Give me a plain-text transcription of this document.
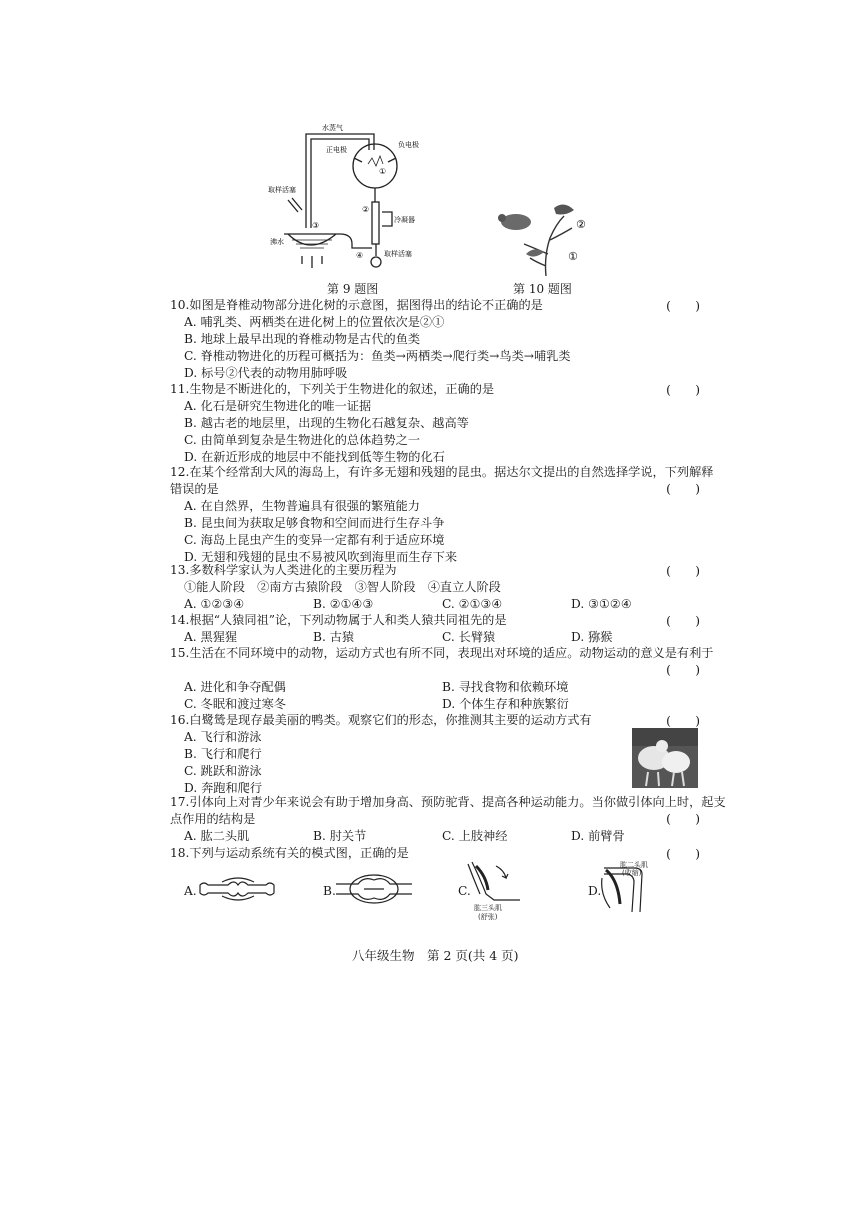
水蒸气
正电极
负电极
取样活塞
冷凝器
沸水
取样活塞
①
②
③
④
第 9 题图
②
①
第 10 题图
10.如图是脊椎动物部分进化树的示意图，据图得出的结论不正确的是	(　　)
A. 哺乳类、两栖类在进化树上的位置依次是②①
B. 地球上最早出现的脊椎动物是古代的鱼类
C. 脊椎动物进化的历程可概括为：鱼类→两栖类→爬行类→鸟类→哺乳类
D. 标号②代表的动物用肺呼吸
11.生物是不断进化的，下列关于生物进化的叙述，正确的是	(　　)
A. 化石是研究生物进化的唯一证据
B. 越古老的地层里，出现的生物化石越复杂、越高等
C. 由简单到复杂是生物进化的总体趋势之一
D. 在新近形成的地层中不能找到低等生物的化石
12.在某个经常刮大风的海岛上，有许多无翅和残翅的昆虫。据达尔文提出的自然选择学说，下列解释
错误的是	(　　)
A. 在自然界，生物普遍具有很强的繁殖能力
B. 昆虫间为获取足够食物和空间而进行生存斗争
C. 海岛上昆虫产生的变异一定都有利于适应环境
D. 无翅和残翅的昆虫不易被风吹到海里而生存下来
13.多数科学家认为人类进化的主要历程为	(　　)
①能人阶段　②南方古猿阶段　③智人阶段　④直立人阶段
A. ①②③④	B. ②①④③	C. ②①③④	D. ③①②④
14.根据“人猿同祖”论，下列动物属于人和类人猿共同祖先的是	(　　)
A. 黑猩猩	B. 古猿	C. 长臂猿	D. 猕猴
15.生活在不同环境中的动物，运动方式也有所不同，表现出对环境的适应。动物运动的意义是有利于
(　　)
A. 进化和争夺配偶	B. 寻找食物和依赖环境
C. 冬眠和渡过寒冬	D. 个体生存和种族繁衍
16.白鹭鸶是现存最美丽的鸭类。观察它们的形态，你推测其主要的运动方式有	(　　)
A. 飞行和游泳
B. 飞行和爬行
C. 跳跃和游泳
D. 奔跑和爬行
17.引体向上对青少年来说会有助于增加身高、预防驼背、提高各种运动能力。当你做引体向上时，起支
点作用的结构是	(　　)
A. 肱二头肌	B. 肘关节	C. 上肢神经	D. 前臂骨
18.下列与运动系统有关的模式图，正确的是	(　　)
A.	B.	C.
肱三头肌
(舒张)
D.
肱二头肌
(收缩)
八年级生物　第 2 页(共 4 页)
